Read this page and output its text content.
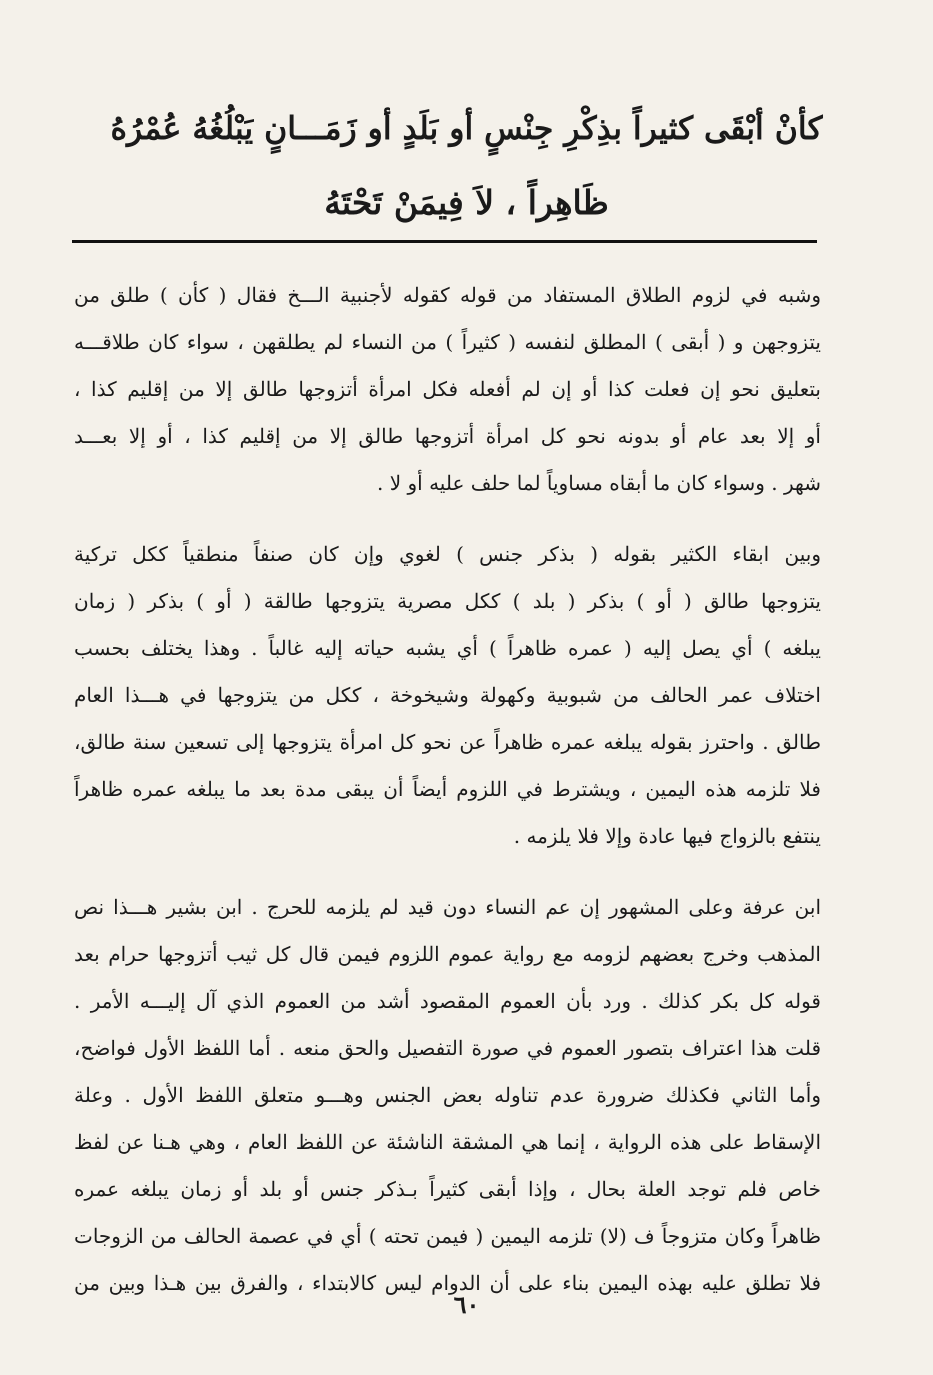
كأنْ أبْقَى كثيراً بذِكْرِ جِنْسٍ أو بَلَدٍ أو زَمَـــانٍ يَبْلُغُهُ عُمْرُهُ
ظَاهِراً ، لاَ فِيمَنْ تَحْتَهُ
وشبه في لزوم الطلاق المستفاد من قوله كقوله لأجنبية الـــخ فقال ( كأن ) طلق من
يتزوجهن و ( أبقى ) المطلق لنفسه ( كثيراً ) من النساء لم يطلقهن ، سواء كان طلاقـــه
بتعليق نحو إن فعلت كذا أو إن لم أفعله فكل امرأة أتزوجها طالق إلا من إقليم كذا ،
أو إلا بعد عام أو بدونه نحو كل امرأة أتزوجها طالق إلا من إقليم كذا ، أو إلا بعـــد
شهر . وسواء كان ما أبقاه مساوياً لما حلف عليه أو لا .
وبين ابقاء الكثير بقوله ( بذكر جنس ) لغوي وإن كان صنفاً منطقياً ككل تركية
يتزوجها طالق ( أو ) بذكر ( بلد ) ككل مصرية يتزوجها طالقة ( أو ) بذكر ( زمان
يبلغه ) أي يصل إليه ( عمره ظاهراً ) أي يشبه حياته إليه غالباً . وهذا يختلف بحسب
اختلاف عمر الحالف من شبوبية وكهولة وشيخوخة ، ككل من يتزوجها في هـــذا العام
طالق . واحترز بقوله يبلغه عمره ظاهراً عن نحو كل امرأة يتزوجها إلى تسعين سنة طالق،
فلا تلزمه هذه اليمين ، ويشترط في اللزوم أيضاً أن يبقى مدة بعد ما يبلغه عمره ظاهراً
ينتفع بالزواج فيها عادة وإلا فلا يلزمه .
ابن عرفة وعلى المشهور إن عم النساء دون قيد لم يلزمه للحرج . ابن بشير هـــذا نص
المذهب وخرج بعضهم لزومه مع رواية عموم اللزوم فيمن قال كل ثيب أتزوجها حرام بعد
قوله كل بكر كذلك . ورد بأن العموم المقصود أشد من العموم الذي آل إليـــه الأمر .
قلت هذا اعتراف بتصور العموم في صورة التفصيل والحق منعه . أما اللفظ الأول فواضح،
وأما الثاني فكذلك ضرورة عدم تناوله بعض الجنس وهـــو متعلق اللفظ الأول . وعلة
الإسقاط على هذه الرواية ، إنما هي المشقة الناشئة عن اللفظ العام ، وهي هـنا عن لفظ
خاص فلم توجد العلة بحال ، وإذا أبقى كثيراً بـذكر جنس أو بلد أو زمان يبلغه عمره
ظاهراً وكان متزوجاً ف (لا) تلزمه اليمين ( فيمن تحته ) أي في عصمة الحالف من الزوجات
فلا تطلق عليه بهذه اليمين بناء على أن الدوام ليس كالابتداء ، والفرق بين هـذا وبين من
٦٠
